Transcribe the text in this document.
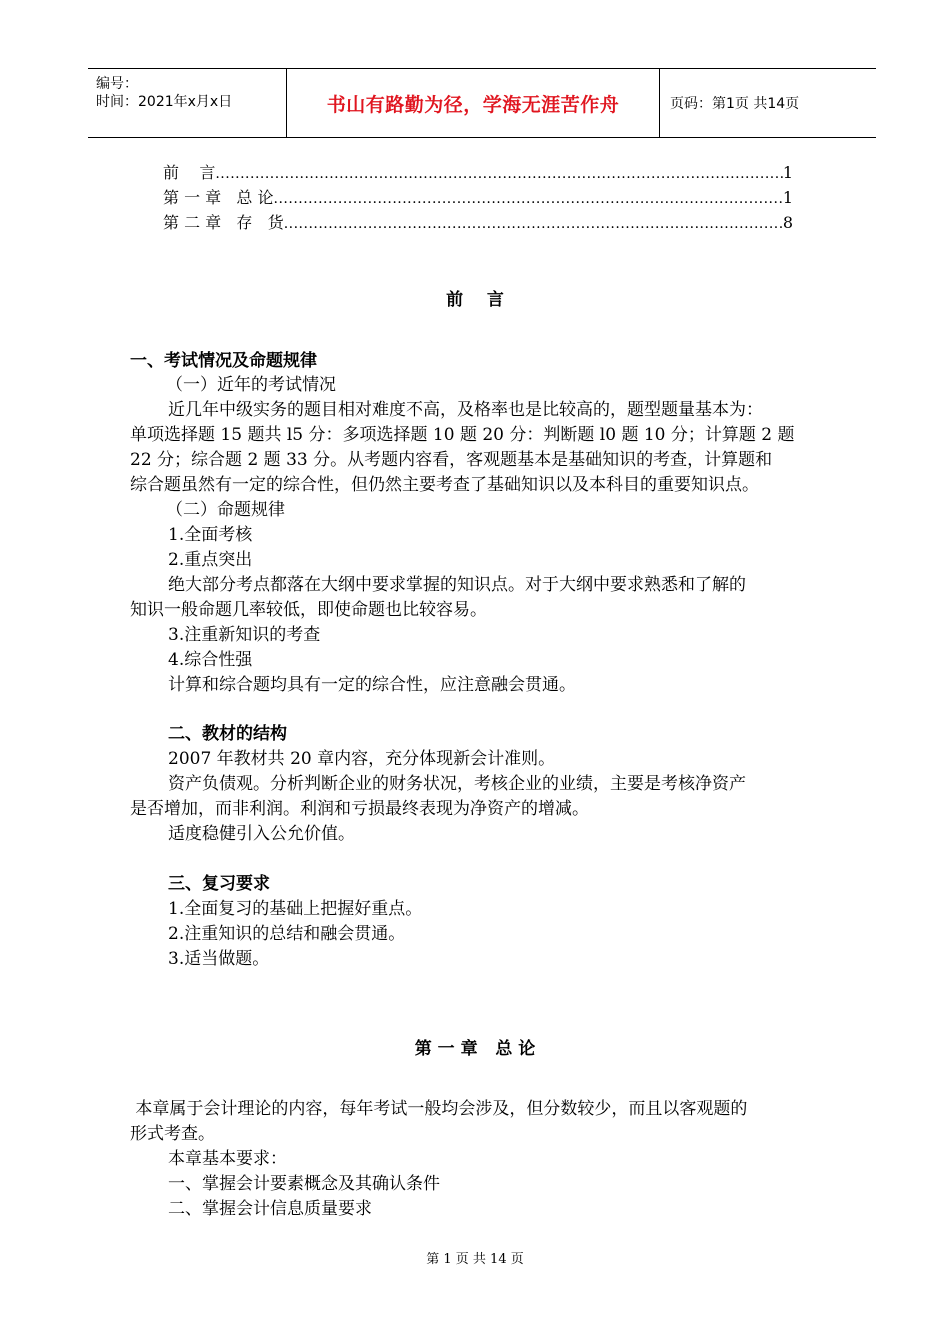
编号：
时间：2021年x月x日	书山有路勤为径，学海无涯苦作舟	页码：第1页 共14页
前    言 .....	1
第 一 章   总 论 .....	1
第 二 章   存   货 .....	8
前    言
一、考试情况及命题规律
（一）近年的考试情况
近几年中级实务的题目相对难度不高，及格率也是比较高的，题型题量基本为：
单项选择题 15 题共 l5 分：多项选择题 10 题 20 分：判断题 l0 题 10 分；计算题 2 题
22 分；综合题 2 题 33 分。从考题内容看，客观题基本是基础知识的考查，计算题和
综合题虽然有一定的综合性，但仍然主要考查了基础知识以及本科目的重要知识点。
（二）命题规律
1.全面考核
2.重点突出
绝大部分考点都落在大纲中要求掌握的知识点。对于大纲中要求熟悉和了解的
知识一般命题几率较低，即使命题也比较容易。
3.注重新知识的考查
4.综合性强
计算和综合题均具有一定的综合性，应注意融会贯通。
二、教材的结构
2007 年教材共 20 章内容，充分体现新会计准则。
资产负债观。分析判断企业的财务状况，考核企业的业绩，主要是考核净资产
是否增加，而非利润。利润和亏损最终表现为净资产的增减。
适度稳健引入公允价值。
三、复习要求
1.全面复习的基础上把握好重点。
2.注重知识的总结和融会贯通。
3.适当做题。
第 一 章   总 论
本章属于会计理论的内容，每年考试一般均会涉及，但分数较少，而且以客观题的
形式考查。
本章基本要求：
一、掌握会计要素概念及其确认条件
二、掌握会计信息质量要求
第 1 页 共 14 页
